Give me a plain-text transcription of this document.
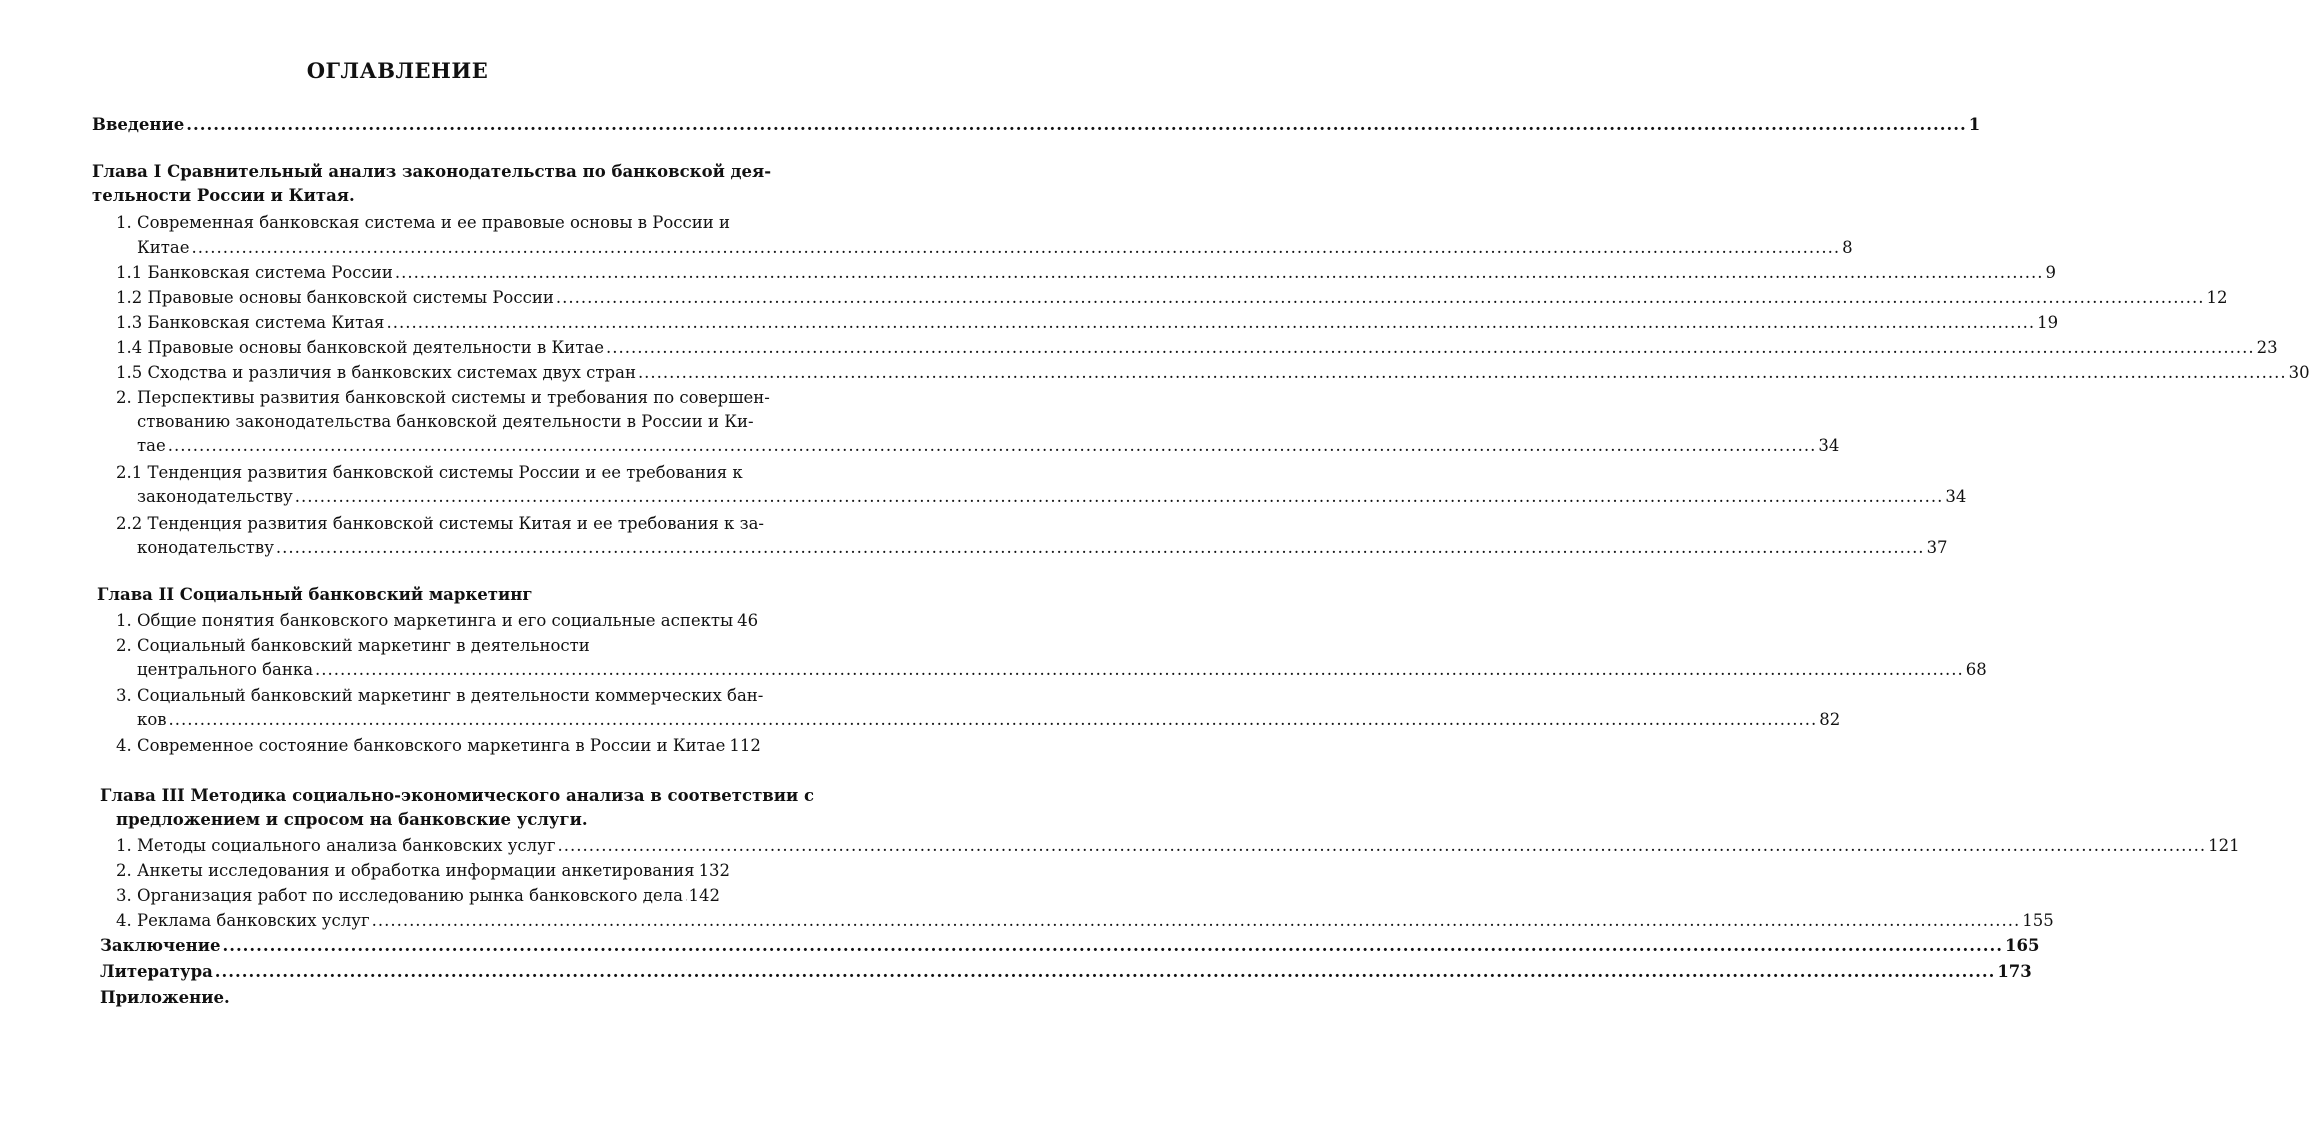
ОГЛАВЛЕНИЕ
Введение .....	1
Глава I Сравнительный анализ законодательства по банковской дея-
тельности России и Китая.
1. Современная банковская система и ее правовые основы в России и
Китае .....	8
1.1 Банковская система России .....	9
1.2 Правовые основы банковской системы России .....	12
1.3 Банковская система Китая .....	19
1.4 Правовые основы банковской деятельности в Китае .....	23
1.5 Сходства и различия в банковских системах двух стран .....	30
2. Перспективы развития банковской системы и требования по совершен-
ствованию законодательства банковской деятельности в России и Ки-
тае .....	34
2.1 Тенденция развития банковской системы России и ее требования к
законодательству .....	34
2.2 Тенденция развития банковской системы Китая и ее требования к за-
конодательству .....	37
Глава II Социальный банковский маркетинг
1. Общие понятия банковского маркетинга и его социальные аспекты 46
2. Социальный банковский маркетинг в деятельности
центрального банка .....	68
3. Социальный банковский маркетинг в деятельности коммерческих бан-
ков .....	82
4. Современное состояние банковского маркетинга в России и Китае 112
Глава III Методика социально-экономического анализа в соответствии с
предложением и спросом на банковские услуги.
1. Методы социального анализа банковских услуг .....	121
2. Анкеты исследования и обработка информации анкетирования 132
3. Организация работ по исследованию рынка банковского дела ..... 142
4. Реклама банковских услуг .....	155
Заключение .....	165
Литература .....	173
Приложение.
